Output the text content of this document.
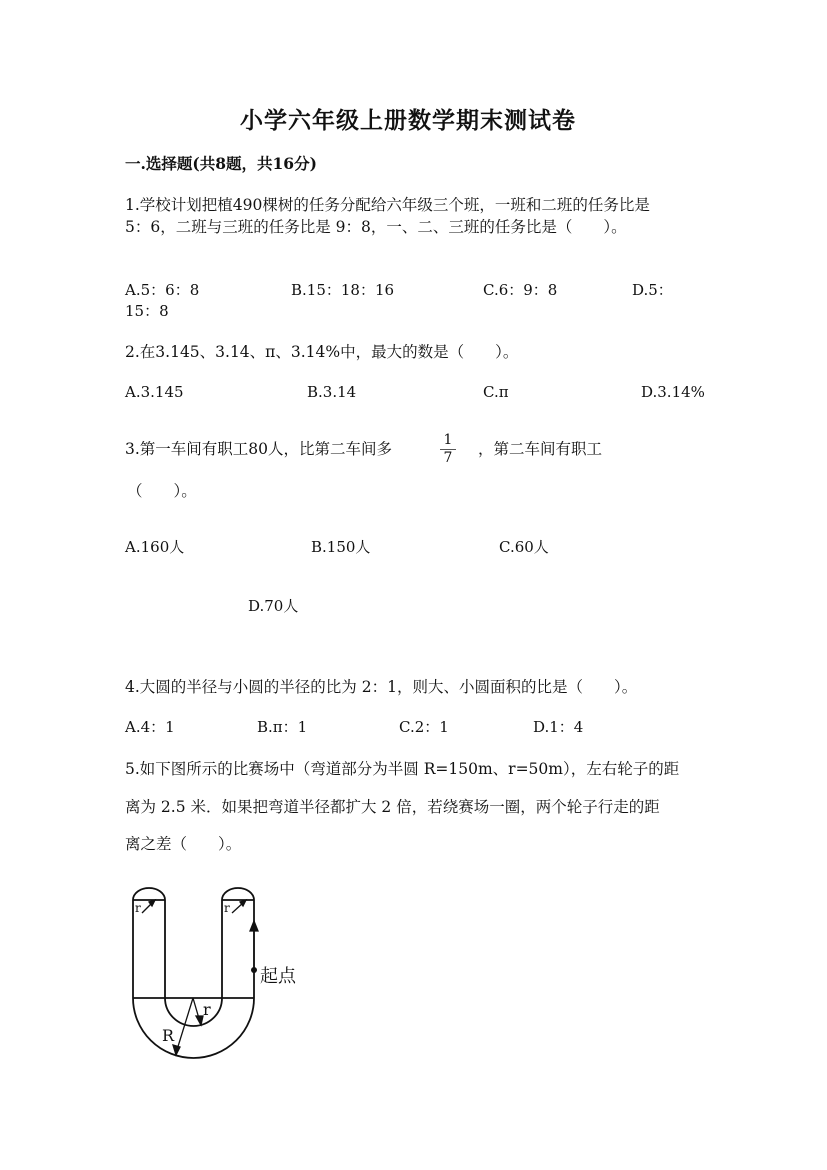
小学六年级上册数学期末测试卷
一.选择题(共8题，共16分)
1.学校计划把植490棵树的任务分配给六年级三个班，一班和二班的任务比是
5：6，二班与三班的任务比是 9：8，一、二、三班的任务比是（　　）。
A.5：6：8	B.15：18：16	C.6：9：8	D.5：
15：8
2.在3.145、3.14、π、3.14%中，最大的数是（　　）。
A.3.145	B.3.14	C.π	D.3.14%
3.第一车间有职工80人，比第二车间多	$\frac{1}{7}$ ，第二车间有职工
（　　）。
A.160人	B.150人	C.60人
D.70人
4.大圆的半径与小圆的半径的比为 2：1，则大、小圆面积的比是（　　）。
A.4：1	B.π：1	C.2：1	D.1：4
5.如下图所示的比赛场中（弯道部分为半圆 R=150m、r=50m），左右轮子的距
离为 2.5 米．如果把弯道半径都扩大 2 倍，若绕赛场一圈，两个轮子行走的距
离之差（　　）。
r
R
r	r
起点
